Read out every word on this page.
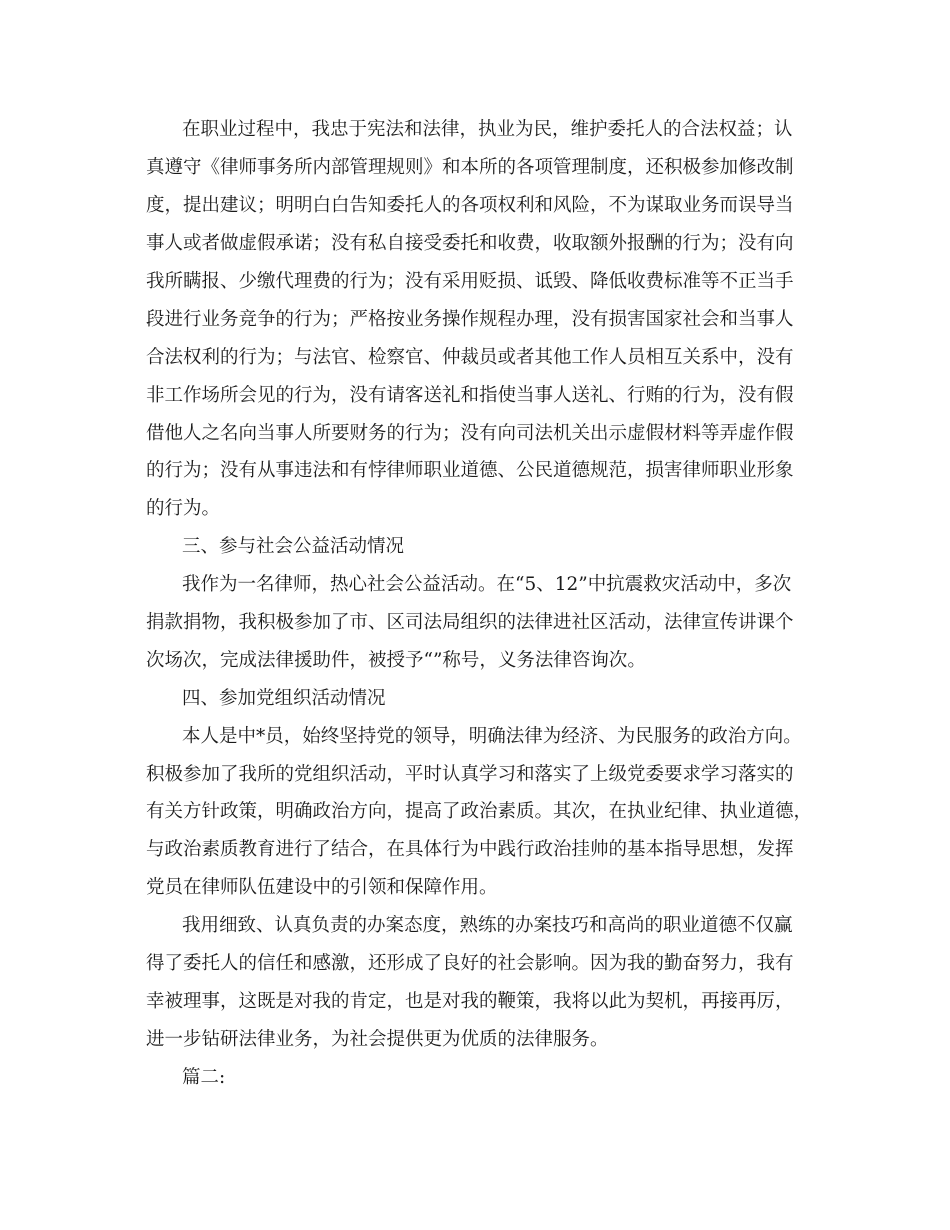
在职业过程中，我忠于宪法和法律，执业为民，维护委托人的合法权益；认
真遵守《律师事务所内部管理规则》和本所的各项管理制度，还积极参加修改制
度，提出建议；明明白白告知委托人的各项权利和风险，不为谋取业务而误导当
事人或者做虚假承诺；没有私自接受委托和收费，收取额外报酬的行为；没有向
我所瞒报、少缴代理费的行为；没有采用贬损、诋毁、降低收费标准等不正当手
段进行业务竞争的行为；严格按业务操作规程办理，没有损害国家社会和当事人
合法权利的行为；与法官、检察官、仲裁员或者其他工作人员相互关系中，没有
非工作场所会见的行为，没有请客送礼和指使当事人送礼、行贿的行为，没有假
借他人之名向当事人所要财务的行为；没有向司法机关出示虚假材料等弄虚作假
的行为；没有从事违法和有悖律师职业道德、公民道德规范，损害律师职业形象
的行为。
三、参与社会公益活动情况
我作为一名律师，热心社会公益活动。在“5、12”中抗震救灾活动中，多次
捐款捐物，我积极参加了市、区司法局组织的法律进社区活动，法律宣传讲课个
次场次，完成法律援助件，被授予“”称号，义务法律咨询次。
四、参加党组织活动情况
本人是中*员，始终坚持党的领导，明确法律为经济、为民服务的政治方向。
积极参加了我所的党组织活动，平时认真学习和落实了上级党委要求学习落实的
有关方针政策，明确政治方向，提高了政治素质。其次，在执业纪律、执业道德，
与政治素质教育进行了结合，在具体行为中践行政治挂帅的基本指导思想，发挥
党员在律师队伍建设中的引领和保障作用。
我用细致、认真负责的办案态度，熟练的办案技巧和高尚的职业道德不仅赢
得了委托人的信任和感激，还形成了良好的社会影响。因为我的勤奋努力，我有
幸被理事，这既是对我的肯定，也是对我的鞭策，我将以此为契机，再接再厉，
进一步钻研法律业务，为社会提供更为优质的法律服务。
篇二:
